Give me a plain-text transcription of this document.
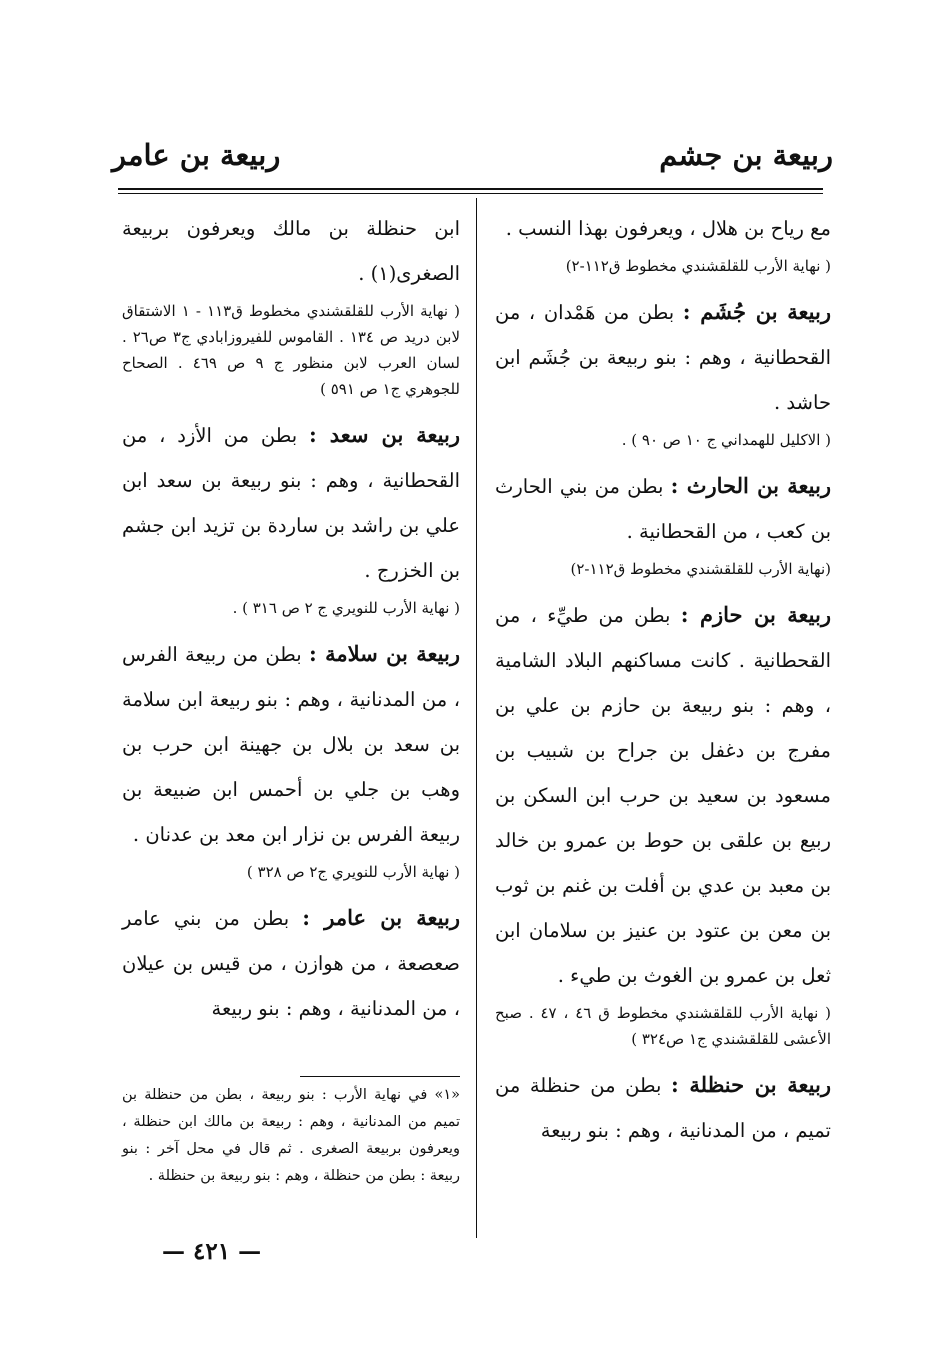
ربيعة بن جشم
ربيعة بن عامر

مع رياح بن هلال ، ويعرفون بهذا النسب .

( نهاية الأرب للقلقشندي مخطوط ق١١٢-٢)

ربيعة بن جُشَم : بطن من هَمْدان ، من القحطانية ، وهم : بنو ربيعة بن جُشَم ابن حاشد .

( الاكليل للهمداني ج ١٠ ص ٩٠ ) .

ربيعة بن الحارث : بطن من بني الحارث بن كعب ، من القحطانية .

(نهاية الأرب للقلقشندي مخطوط ق١١٢-٢)

ربيعة بن حازم : بطن من طيِّء ، من القحطانية . كانت مساكنهم البلاد الشامية ، وهم : بنو ربيعة بن حازم بن علي بن مفرج بن دغفل بن جراح بن شبيب بن مسعود بن سعيد بن حرب ابن السكن بن ربيع بن علقى بن حوط بن عمرو بن خالد بن معبد بن عدي بن أفلت بن غنم بن ثوب بن معن بن عتود بن عنيز بن سلامان ابن ثعل بن عمرو بن الغوث بن طيء .

( نهاية الأرب للقلقشندي مخطوط ق ٤٦ ، ٤٧ . صبح الأعشى للقلقشندي ج١ ص٣٢٤ )

ربيعة بن حنظلة : بطن من حنظلة من تميم ، من المدنانية ، وهم : بنو ربيعة

ابن حنظلة بن مالك ويعرفون بربيعة الصغرى(١) .

( نهاية الأرب للقلقشندي مخطوط ق١١٣ - ١ الاشتقاق لابن دريد ص ١٣٤ . القاموس للفيروزابادي ج٣ ص٢٦ . لسان العرب لابن منظور ج ٩ ص ٤٦٩ . الصحاح للجوهري ج١ ص ٥٩١ )

ربيعة بن سعد : بطن من الأزد ، من القحطانية ، وهم : بنو ربيعة بن سعد ابن علي بن راشد بن ساردة بن تزيد ابن جشم بن الخزرج .

( نهاية الأرب للنويري ج ٢ ص ٣١٦ ) .

ربيعة بن سلامة : بطن من ربيعة الفرس ، من المدنانية ، وهم : بنو ربيعة ابن سلامة بن سعد بن بلال بن جهينة ابن حرب بن وهب بن جلي بن أحمس ابن ضبيعة بن ربيعة الفرس بن نزار ابن معد بن عدنان .

( نهاية الأرب للنويري ج٢ ص ٣٢٨ )

ربيعة بن عامر : بطن من بني عامر صعصعة ، من هوازن ، من قيس بن عيلان ، من المدنانية ، وهم : بنو ربيعة

«١» في نهاية الأرب : بنو ربيعة ، بطن من حنظلة بن تميم من المدنانية ، وهم : ربيعة بن مالك ابن حنظلة ، ويعرفون بربيعة الصغرى . ثم قال في محل آخر : بنو ربيعة : بطن من حنظلة ، وهم : بنو ربيعة بن حنظلة .
— ٤٢١ —
